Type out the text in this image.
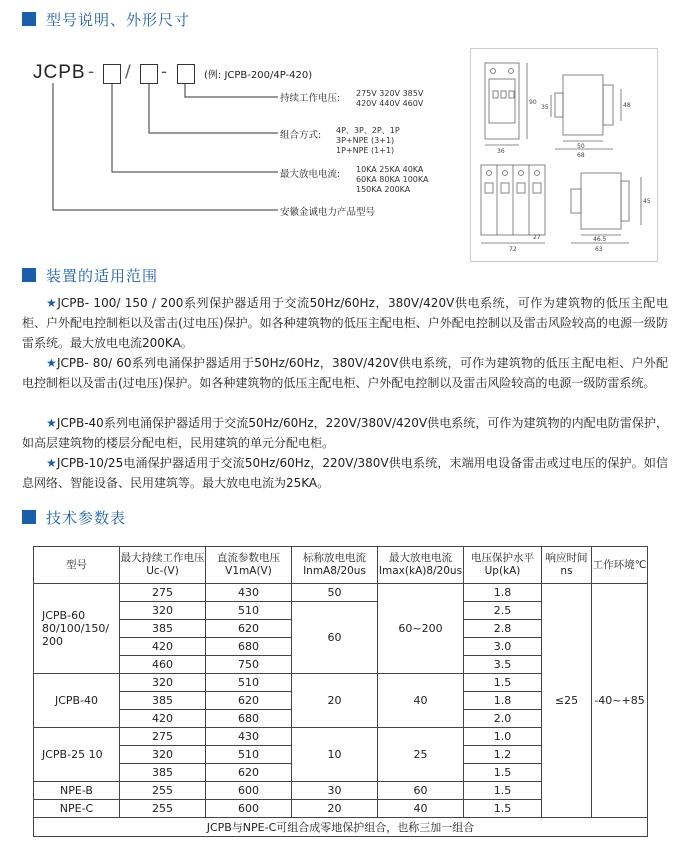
型号说明、外形尺寸
JCPB - / -	(例: JCPB-200/4P-420)
持续工作电压: 275V 320V 385V
420V 440V 460V
组合方式: 4P、3P、2P、1P
3P+NPE (3+1)
1P+NPE (1+1)
最大放电电流: 10KA 25KA 40KA
60KA 80KA 100KA
150KA 200KA
安徽金诚电力产品型号
36
90
35	48
50
68
72
45
46.5
63
27
装置的适用范围
★JCPB- 100/ 150 / 200系列保护器适用于交流50Hz/60Hz，380V/420V供电系统，可作为建筑物的低压主配电柜、户外配电控制柜以及雷击(过电压)保护。如各种建筑物的低压主配电柜、户外配电控制以及雷击风险较高的电源一级防雷系统。最大放电电流200KA。
★JCPB- 80/ 60系列电涌保护器适用于50Hz/60Hz，380V/420V供电系统，可作为建筑物的低压主配电柜、户外配电控制柜以及雷击(过电压)保护。如各种建筑物的低压主配电柜、户外配电控制以及雷击风险较高的电源一级防雷系统。
★JCPB-40系列电涌保护器适用于交流50Hz/60Hz，220V/380V/420V供电系统，可作为建筑物的内配电防雷保护，如高层建筑物的楼层分配电柜，民用建筑的单元分配电柜。
★JCPB-10/25电涌保护器适用于交流50Hz/60Hz，220V/380V供电系统，末端用电设备雷击或过电压的保护。如信息网络、智能设备、民用建筑等。最大放电电流为25KA。
技术参数表
型号	最大持续工作电压Uc-(V)	直流参数电压V1mA(V)	标称放电电流InmA8/20us	最大放电电流Imax(kA)8/20us	电压保护水平Up(kA)	响应时间ns	工作环境℃
JCPB-60 80/100/150/ 200	275	430	50	60~200	1.8	≤25	-40~+85
	320	510	60		2.5		
	385	620			2.8		
	420	680			3.0		
	460	750			3.5		
JCPB-40	320	510	20	40	1.5		
	385	620			1.8		
	420	680			2.0		
JCPB-25 10	275	430	10	25	1.0		
	320	510			1.2		
	385	620			1.5		
NPE-B	255	600	30	60	1.5		
NPE-C	255	600	20	40	1.5		
JCPB与NPE-C可组合成零地保护组合，也称三加一组合							
